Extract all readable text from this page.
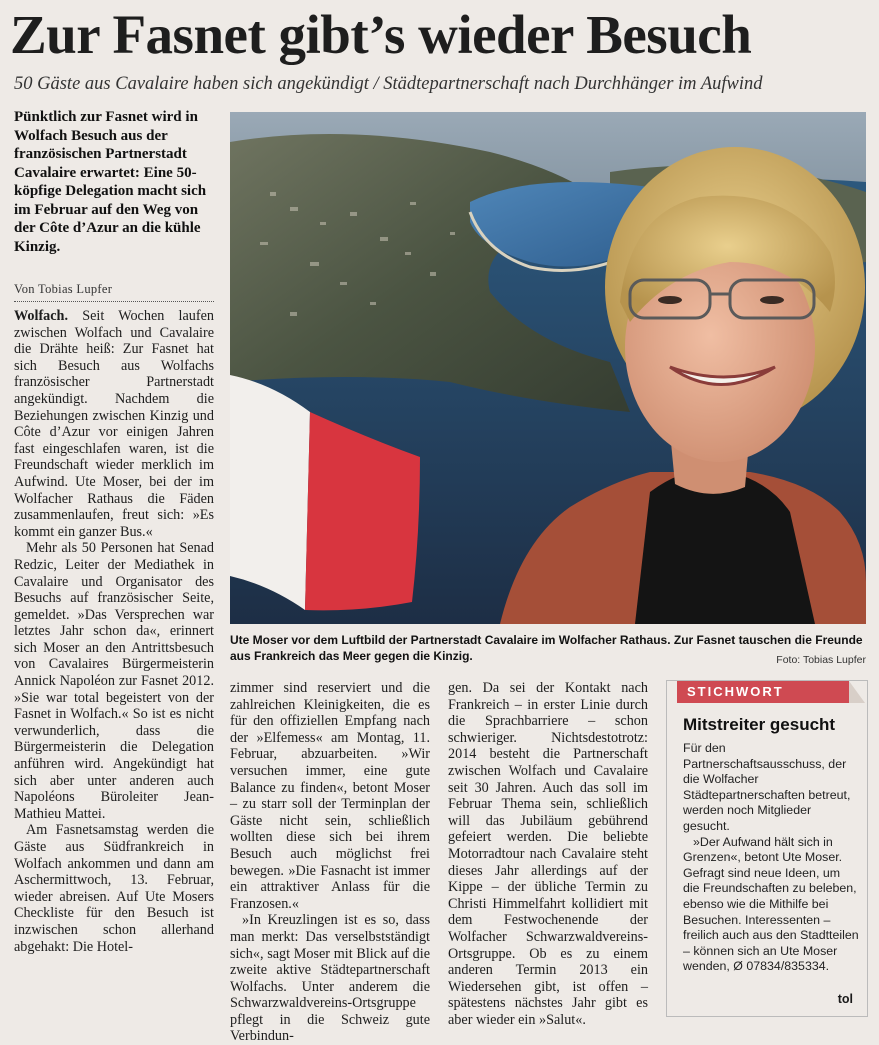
Zur Fasnet gibt’s wieder Besuch
50 Gäste aus Cavalaire haben sich angekündigt / Städtepartnerschaft nach Durchhänger im Aufwind
Pünktlich zur Fasnet wird in Wolfach Besuch aus der französischen Partnerstadt Cavalaire erwartet: Eine 50-köpfige Delegation macht sich im Februar auf den Weg von der Côte d’Azur an die kühle Kinzig.
Von Tobias Lupfer
Ute Moser vor dem Luftbild der Partnerstadt Cavalaire im Wolfacher Rathaus. Zur Fasnet tauschen die Freunde aus Frankreich das Meer gegen die Kinzig.	Foto: Tobias Lupfer

Wolfach. Seit Wochen laufen zwischen Wolfach und Cavalaire die Drähte heiß: Zur Fasnet hat sich Besuch aus Wolfachs französischer Partnerstadt angekündigt. Nachdem die Beziehungen zwischen Kinzig und Côte d’Azur vor einigen Jahren fast eingeschlafen waren, ist die Freundschaft wieder merklich im Aufwind. Ute Moser, bei der im Wolfacher Rathaus die Fäden zusammenlaufen, freut sich: »Es kommt ein ganzer Bus.«

Mehr als 50 Personen hat Senad Redzic, Leiter der Mediathek in Cavalaire und Organisator des Besuchs auf französischer Seite, gemeldet. »Das Versprechen war letztes Jahr schon da«, erinnert sich Moser an den Antrittsbesuch von Cavalaires Bürgermeisterin Annick Napoléon zur Fasnet 2012. »Sie war total begeistert von der Fasnet in Wolfach.« So ist es nicht verwunderlich, dass die Bürgermeisterin die Delegation anführen wird. Angekündigt hat sich aber unter anderen auch Napoléons Büroleiter Jean-Mathieu Mattei.

Am Fasnetsamstag werden die Gäste aus Südfrankreich in Wolfach ankommen und dann am Aschermittwoch, 13. Februar, wieder abreisen. Auf Ute Mosers Checkliste für den Besuch ist inzwischen schon allerhand abgehakt: Die Hotel-

zimmer sind reserviert und die zahlreichen Kleinigkeiten, die es für den offiziellen Empfang nach der »Elfemess« am Montag, 11. Februar, abzuarbeiten. »Wir versuchen immer, eine gute Balance zu finden«, betont Moser – zu starr soll der Terminplan der Gäste nicht sein, schließlich wollten diese sich bei ihrem Besuch auch möglichst frei bewegen. »Die Fasnacht ist immer ein attraktiver Anlass für die Franzosen.«

»In Kreuzlingen ist es so, dass man merkt: Das verselbstständigt sich«, sagt Moser mit Blick auf die zweite aktive Städtepartnerschaft Wolfachs. Unter anderem die Schwarzwaldvereins-Ortsgruppe pflegt in die Schweiz gute Verbindun-

gen. Da sei der Kontakt nach Frankreich – in erster Linie durch die Sprachbarriere – schon schwieriger. Nichtsdestotrotz: 2014 besteht die Partnerschaft zwischen Wolfach und Cavalaire seit 30 Jahren. Auch das soll im Februar Thema sein, schließlich will das Jubiläum gebührend gefeiert werden. Die beliebte Motorradtour nach Cavalaire steht dieses Jahr allerdings auf der Kippe – der übliche Termin zu Christi Himmelfahrt kollidiert mit dem Festwochenende der Wolfacher Schwarzwaldvereins-Ortsgruppe. Ob es zu einem anderen Termin 2013 ein Wiedersehen gibt, ist offen – spätestens nächstes Jahr gibt es aber wieder ein »Salut«.

STICHWORT
Mitstreiter gesucht

Für den Partnerschaftsausschuss, der die Wolfacher Städtepartnerschaften betreut, werden noch Mitglieder gesucht.

»Der Aufwand hält sich in Grenzen«, betont Ute Moser. Gefragt sind neue Ideen, um die Freundschaften zu beleben, ebenso wie die Mithilfe bei Besuchen. Interessenten – freilich auch aus den Stadtteilen – können sich an Ute Moser wenden, Ø 07834/835334.

tol
